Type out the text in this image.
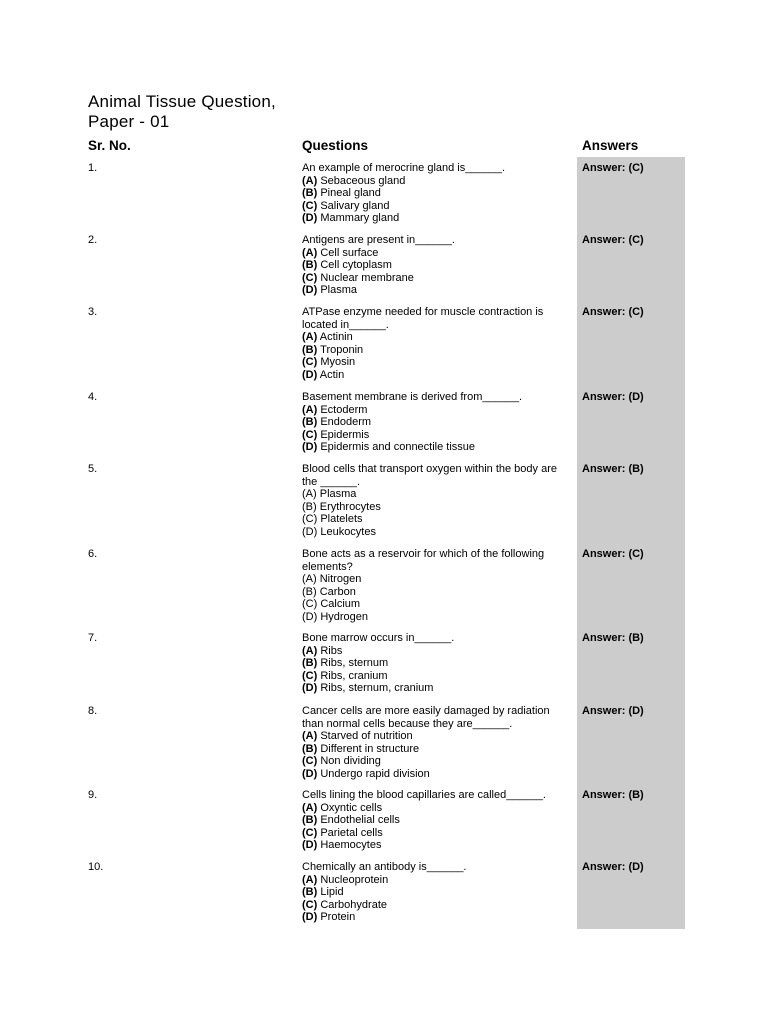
Animal Tissue Question,
Paper - 01
Sr. No.	Questions	Answers
1.	An example of merocrine gland is______.
(A) Sebaceous gland
(B) Pineal gland
(C) Salivary gland
(D) Mammary gland
Answer: (C)
2.	Antigens are present in______.
(A) Cell surface
(B) Cell cytoplasm
(C) Nuclear membrane
(D) Plasma
Answer: (C)
3.	ATPase enzyme needed for muscle contraction is located in______.
(A) Actinin
(B) Troponin
(C) Myosin
(D) Actin
Answer: (C)
4.	Basement membrane is derived from______.
(A) Ectoderm
(B) Endoderm
(C) Epidermis
(D) Epidermis and connectile tissue
Answer: (D)
5.	Blood cells that transport oxygen within the body are the ______.
(A) Plasma
(B) Erythrocytes
(C) Platelets
(D) Leukocytes
Answer: (B)
6.	Bone acts as a reservoir for which of the following elements?
(A) Nitrogen
(B) Carbon
(C) Calcium
(D) Hydrogen
Answer: (C)
7.	Bone marrow occurs in______.
(A) Ribs
(B) Ribs, sternum
(C) Ribs, cranium
(D) Ribs, sternum, cranium
Answer: (B)
8.	Cancer cells are more easily damaged by radiation than normal cells because they are______.
(A) Starved of nutrition
(B) Different in structure
(C) Non dividing
(D) Undergo rapid division
Answer: (D)
9.	Cells lining the blood capillaries are called______.
(A) Oxyntic cells
(B) Endothelial cells
(C) Parietal cells
(D) Haemocytes
Answer: (B)
10.	Chemically an antibody is______.
(A) Nucleoprotein
(B) Lipid
(C) Carbohydrate
(D) Protein
Answer: (D)
